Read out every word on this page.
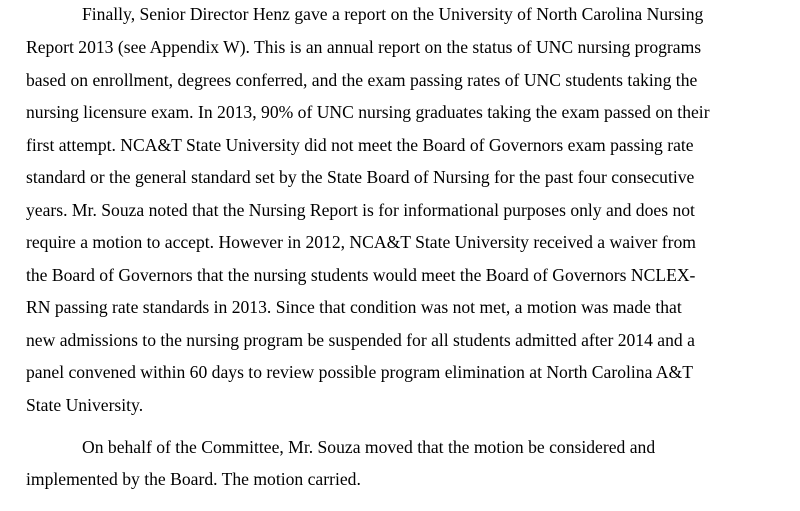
Finally, Senior Director Henz gave a report on the University of North Carolina Nursing
Report 2013 (see Appendix W). This is an annual report on the status of UNC nursing programs
based on enrollment, degrees conferred, and the exam passing rates of UNC students taking the
nursing licensure exam. In 2013, 90% of UNC nursing graduates taking the exam passed on their
first attempt. NCA&T State University did not meet the Board of Governors exam passing rate
standard or the general standard set by the State Board of Nursing for the past four consecutive
years. Mr. Souza noted that the Nursing Report is for informational purposes only and does not
require a motion to accept. However in 2012, NCA&T State University received a waiver from
the Board of Governors that the nursing students would meet the Board of Governors NCLEX-
RN passing rate standards in 2013. Since that condition was not met, a motion was made that
new admissions to the nursing program be suspended for all students admitted after 2014 and a
panel convened within 60 days to review possible program elimination at North Carolina A&T
State University.
On behalf of the Committee, Mr. Souza moved that the motion be considered and
implemented by the Board. The motion carried.
